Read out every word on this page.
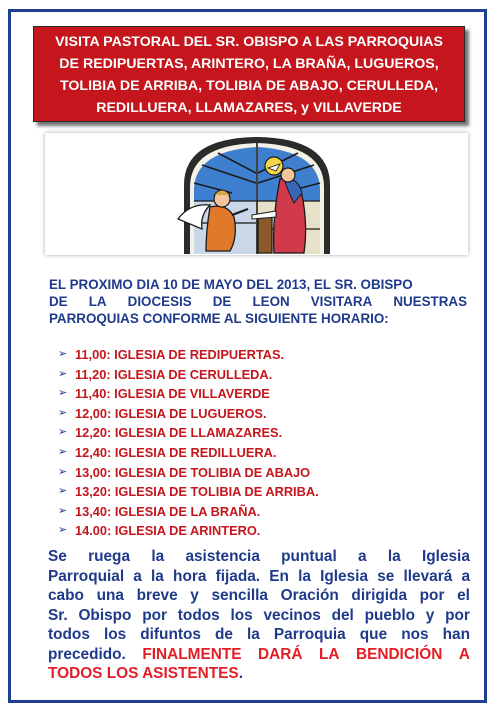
VISITA PASTORAL DEL SR. OBISPO A LAS PARROQUIAS
DE REDIPUERTAS, ARINTERO, LA BRAÑA, LUGUEROS,
TOLIBIA DE ARRIBA, TOLIBIA DE ABAJO, CERULLEDA,
REDILLUERA, LLAMAZARES, y VILLAVERDE
EL PROXIMO DIA 10 DE MAYO DEL 2013, EL SR. OBISPO
DE LA DIOCESIS DE LEON VISITARA NUESTRAS
PARROQUIAS CONFORME AL SIGUIENTE HORARIO:
➢ 11,00: IGLESIA DE REDIPUERTAS.
➢ 11,20: IGLESIA DE CERULLEDA.
➢ 11,40: IGLESIA DE VILLAVERDE
➢ 12,00: IGLESIA DE LUGUEROS.
➢ 12,20: IGLESIA DE LLAMAZARES.
➢ 12,40: IGLESIA DE REDILLUERA.
➢ 13,00: IGLESIA DE TOLIBIA DE ABAJO
➢ 13,20: IGLESIA DE TOLIBIA DE ARRIBA.
➢ 13,40: IGLESIA DE LA BRAÑA.
➢ 14.00: IGLESIA DE ARINTERO.
Se ruega la asistencia puntual a la Iglesia
Parroquial a la hora fijada. En la Iglesia se llevará a
cabo una breve y sencilla Oración dirigida por el
Sr. Obispo por todos los vecinos del pueblo y por
todos los difuntos de la Parroquia que nos han
precedido. FINALMENTE DARÁ LA BENDICIÓN A
TODOS LOS ASISTENTES .
